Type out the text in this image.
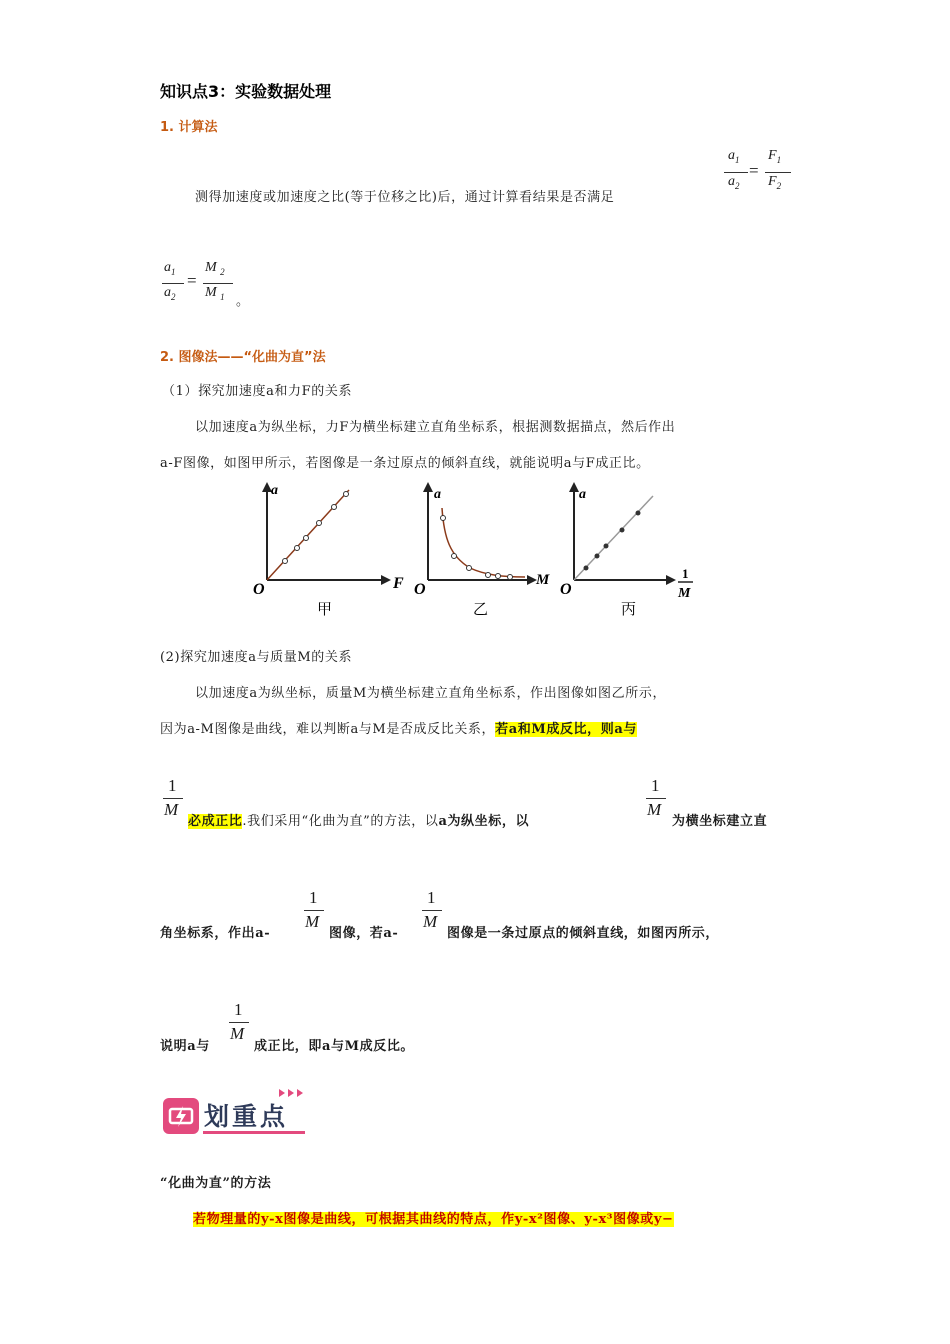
知识点3：实验数据处理
1. 计算法
测得加速度或加速度之比(等于位移之比)后，通过计算看结果是否满足
$a_1$
$a_2$
=
$F_1$
$F_2$
$a_1$
$a_2$
=
M $_2$
M $_1$ 。
2. 图像法——“化曲为直”法
（1）探究加速度a和力F的关系
以加速度a为纵坐标，力F为横坐标建立直角坐标系，根据测数据描点，然后作出
a-F图像，如图甲所示，若图像是一条过原点的倾斜直线，就能说明a与F成正比。
a
F
O
甲
a
M
O
乙
a
1
M
O
丙
(2)探究加速度a与质量M的关系
以加速度a为纵坐标，质量M为横坐标建立直角坐标系，作出图像如图乙所示，
因为a-M图像是曲线，难以判断a与M是否成反比关系，若a和M成反比，则a与
1
M
必成正比.我们采用“化曲为直”的方法，以a为纵坐标，以
1
M
为横坐标建立直
角坐标系，作出a-
1
M
图像，若a-
1
M
图像是一条过原点的倾斜直线，如图丙所示，
说明a与
1
M
成正比，即a与M成反比。
划重点
“化曲为直”的方法
若物理量的y-x图像是曲线，可根据其曲线的特点，作y-x²图像、y-x³图像或y−
